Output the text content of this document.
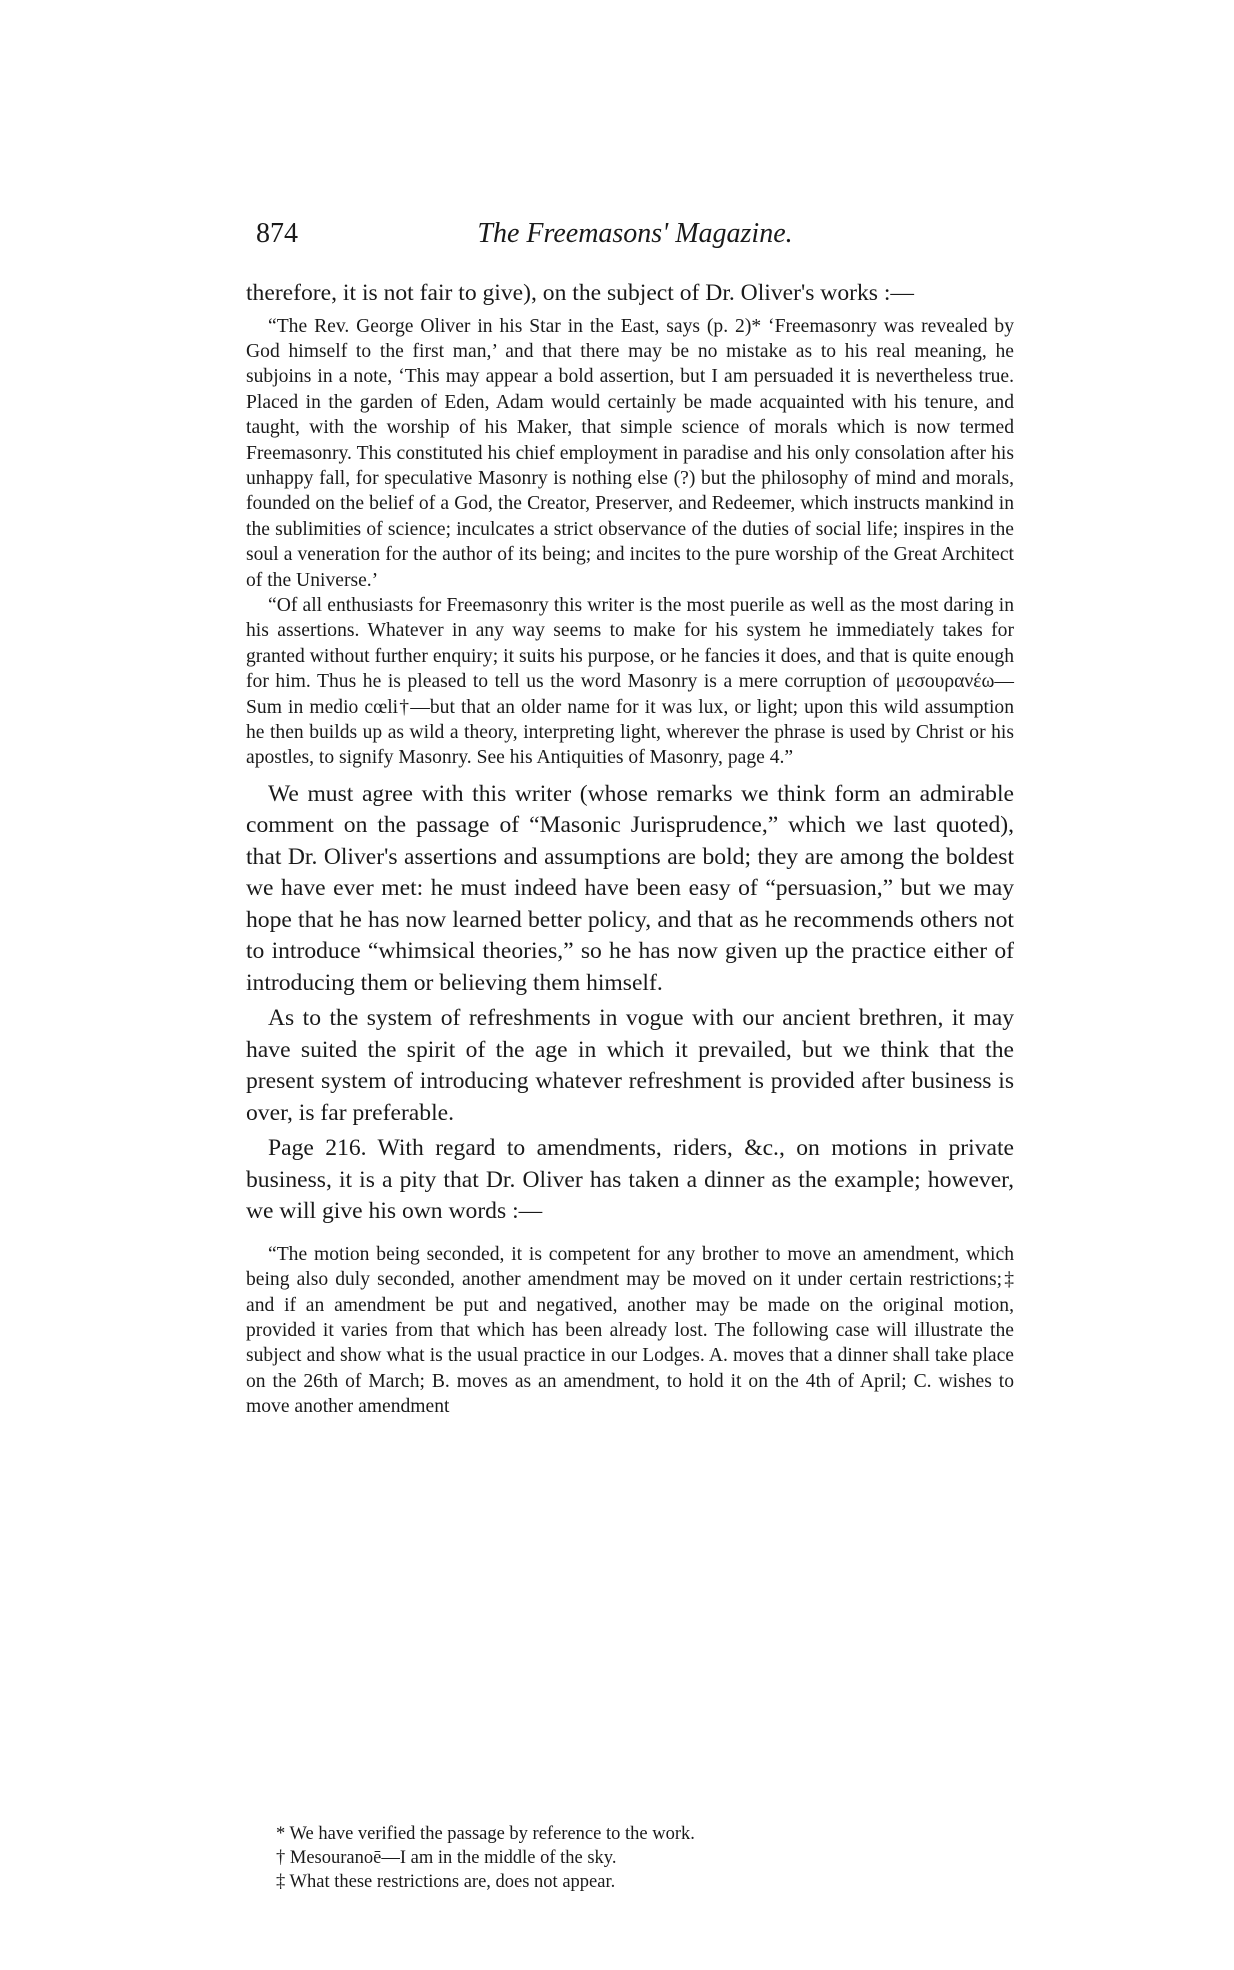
874	The Freemasons' Magazine.

therefore, it is not fair to give), on the subject of Dr. Oliver's works :—

“The Rev. George Oliver in his Star in the East, says (p. 2)* ‘Freemasonry was revealed by God himself to the first man,’ and that there may be no mistake as to his real meaning, he subjoins in a note, ‘This may appear a bold assertion, but I am persuaded it is nevertheless true. Placed in the garden of Eden, Adam would certainly be made acquainted with his tenure, and taught, with the worship of his Maker, that simple science of morals which is now termed Freemasonry. This constituted his chief employment in paradise and his only consolation after his unhappy fall, for speculative Masonry is nothing else (?) but the philosophy of mind and morals, founded on the belief of a God, the Creator, Preserver, and Redeemer, which instructs mankind in the sublimities of science; inculcates a strict observance of the duties of social life; inspires in the soul a veneration for the author of its being; and incites to the pure worship of the Great Architect of the Universe.’

“Of all enthusiasts for Freemasonry this writer is the most puerile as well as the most daring in his assertions. Whatever in any way seems to make for his system he immediately takes for granted without further enquiry; it suits his purpose, or he fancies it does, and that is quite enough for him. Thus he is pleased to tell us the word Masonry is a mere corruption of μεσουρανέω—Sum in medio cœli†—but that an older name for it was lux, or light; upon this wild assumption he then builds up as wild a theory, interpreting light, wherever the phrase is used by Christ or his apostles, to signify Masonry. See his Antiquities of Masonry, page 4.”

We must agree with this writer (whose remarks we think form an admirable comment on the passage of “Masonic Jurisprudence,” which we last quoted), that Dr. Oliver's assertions and assumptions are bold; they are among the boldest we have ever met: he must indeed have been easy of “persuasion,” but we may hope that he has now learned better policy, and that as he recommends others not to introduce “whimsical theories,” so he has now given up the practice either of introducing them or believing them himself.

As to the system of refreshments in vogue with our ancient brethren, it may have suited the spirit of the age in which it prevailed, but we think that the present system of introducing whatever refreshment is provided after business is over, is far preferable.

Page 216. With regard to amendments, riders, &c., on motions in private business, it is a pity that Dr. Oliver has taken a dinner as the example; however, we will give his own words :—

“The motion being seconded, it is competent for any brother to move an amendment, which being also duly seconded, another amendment may be moved on it under certain restrictions;‡ and if an amendment be put and negatived, another may be made on the original motion, provided it varies from that which has been already lost. The following case will illustrate the subject and show what is the usual practice in our Lodges. A. moves that a dinner shall take place on the 26th of March; B. moves as an amendment, to hold it on the 4th of April; C. wishes to move another amendment

* We have verified the passage by reference to the work.

† Mesouranoē—I am in the middle of the sky.

‡ What these restrictions are, does not appear.
